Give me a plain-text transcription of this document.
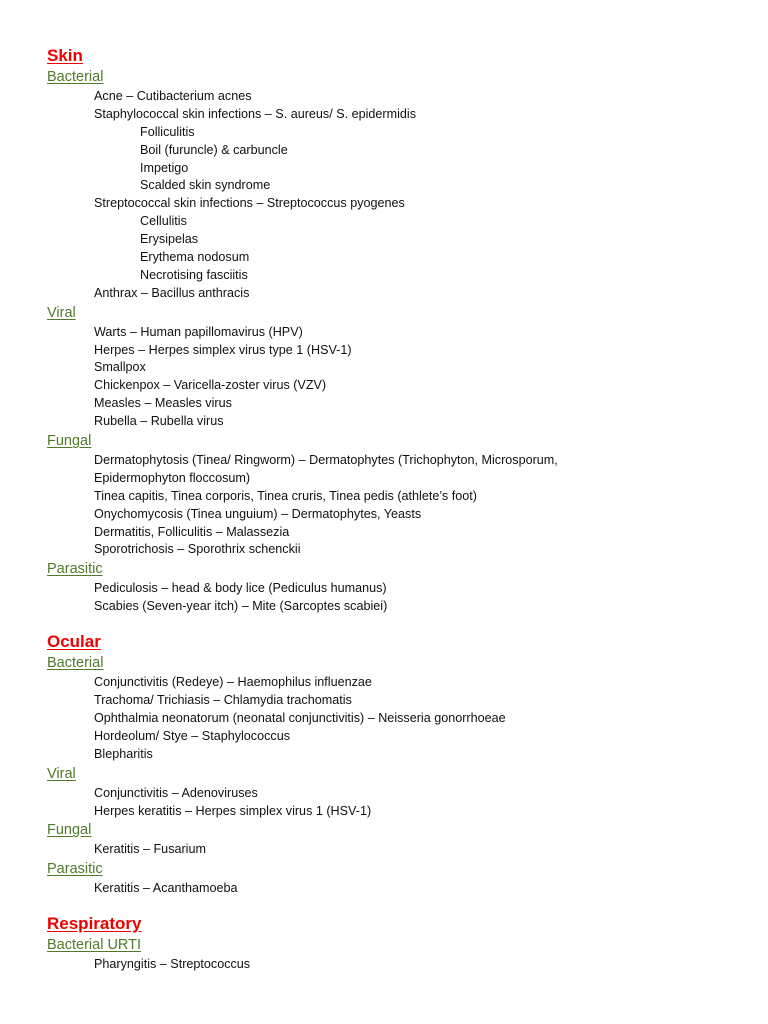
Skin
Bacterial
Acne – Cutibacterium acnes
Staphylococcal skin infections – S. aureus/ S. epidermidis
Folliculitis
Boil (furuncle) & carbuncle
Impetigo
Scalded skin syndrome
Streptococcal skin infections – Streptococcus pyogenes
Cellulitis
Erysipelas
Erythema nodosum
Necrotising fasciitis
Anthrax – Bacillus anthracis
Viral
Warts – Human papillomavirus (HPV)
Herpes – Herpes simplex virus type 1 (HSV-1)
Smallpox
Chickenpox – Varicella-zoster virus (VZV)
Measles – Measles virus
Rubella – Rubella virus
Fungal
Dermatophytosis (Tinea/ Ringworm) – Dermatophytes (Trichophyton, Microsporum,
Epidermophyton floccosum)
Tinea capitis, Tinea corporis, Tinea cruris, Tinea pedis (athlete’s foot)
Onychomycosis (Tinea unguium) – Dermatophytes, Yeasts
Dermatitis, Folliculitis – Malassezia
Sporotrichosis – Sporothrix schenckii
Parasitic
Pediculosis – head & body lice (Pediculus humanus)
Scabies (Seven-year itch) – Mite (Sarcoptes scabiei)
Ocular
Bacterial
Conjunctivitis (Redeye) – Haemophilus influenzae
Trachoma/ Trichiasis – Chlamydia trachomatis
Ophthalmia neonatorum (neonatal conjunctivitis) – Neisseria gonorrhoeae
Hordeolum/ Stye – Staphylococcus
Blepharitis
Viral
Conjunctivitis – Adenoviruses
Herpes keratitis – Herpes simplex virus 1 (HSV-1)
Fungal
Keratitis – Fusarium
Parasitic
Keratitis – Acanthamoeba
Respiratory
Bacterial URTI
Pharyngitis – Streptococcus
